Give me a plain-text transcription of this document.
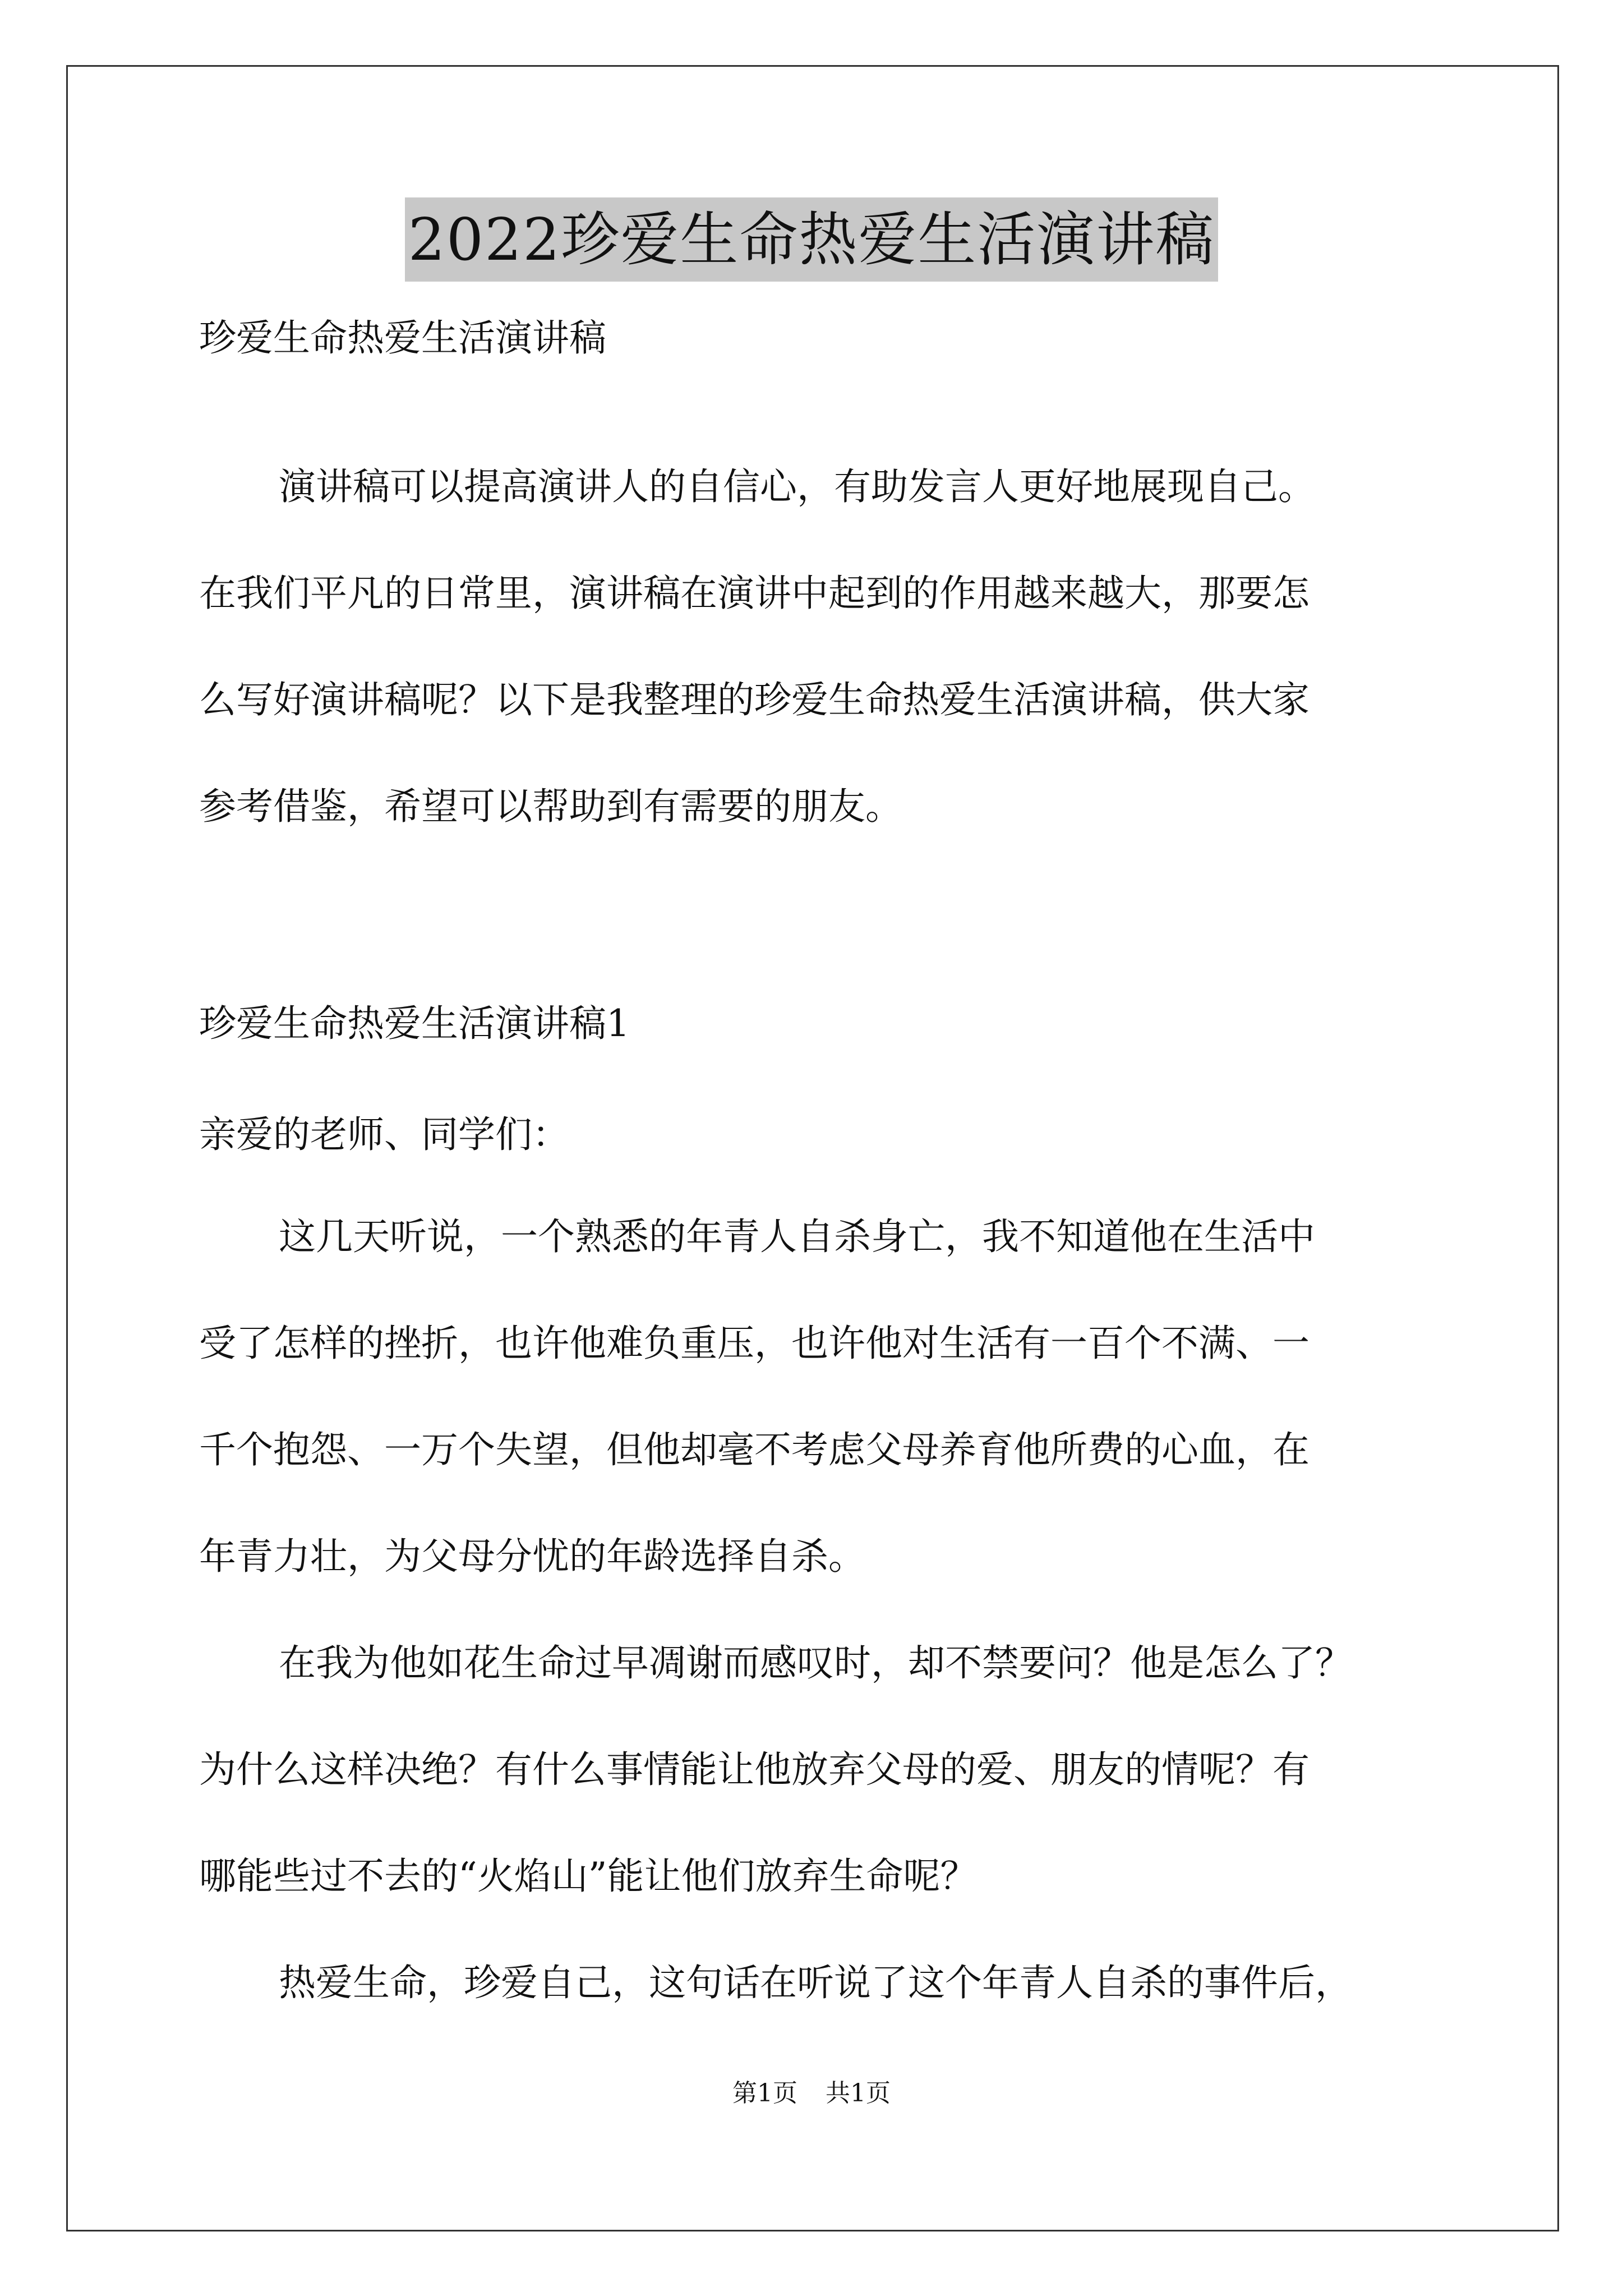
2022珍爱生命热爱生活演讲稿
珍爱生命热爱生活演讲稿
演讲稿可以提高演讲人的自信心，有助发言人更好地展现自己。
在我们平凡的日常里，演讲稿在演讲中起到的作用越来越大，那要怎
么写好演讲稿呢？以下是我整理的珍爱生命热爱生活演讲稿，供大家
参考借鉴，希望可以帮助到有需要的朋友。
珍爱生命热爱生活演讲稿1
亲爱的老师、同学们：
这几天听说，一个熟悉的年青人自杀身亡，我不知道他在生活中
受了怎样的挫折，也许他难负重压，也许他对生活有一百个不满、一
千个抱怨、一万个失望，但他却毫不考虑父母养育他所费的心血，在
年青力壮，为父母分忧的年龄选择自杀。
在我为他如花生命过早凋谢而感叹时，却不禁要问？他是怎么了？
为什么这样决绝？有什么事情能让他放弃父母的爱、朋友的情呢？有
哪能些过不去的“火焰山”能让他们放弃生命呢？
热爱生命，珍爱自己，这句话在听说了这个年青人自杀的事件后，
第1页 共1页
